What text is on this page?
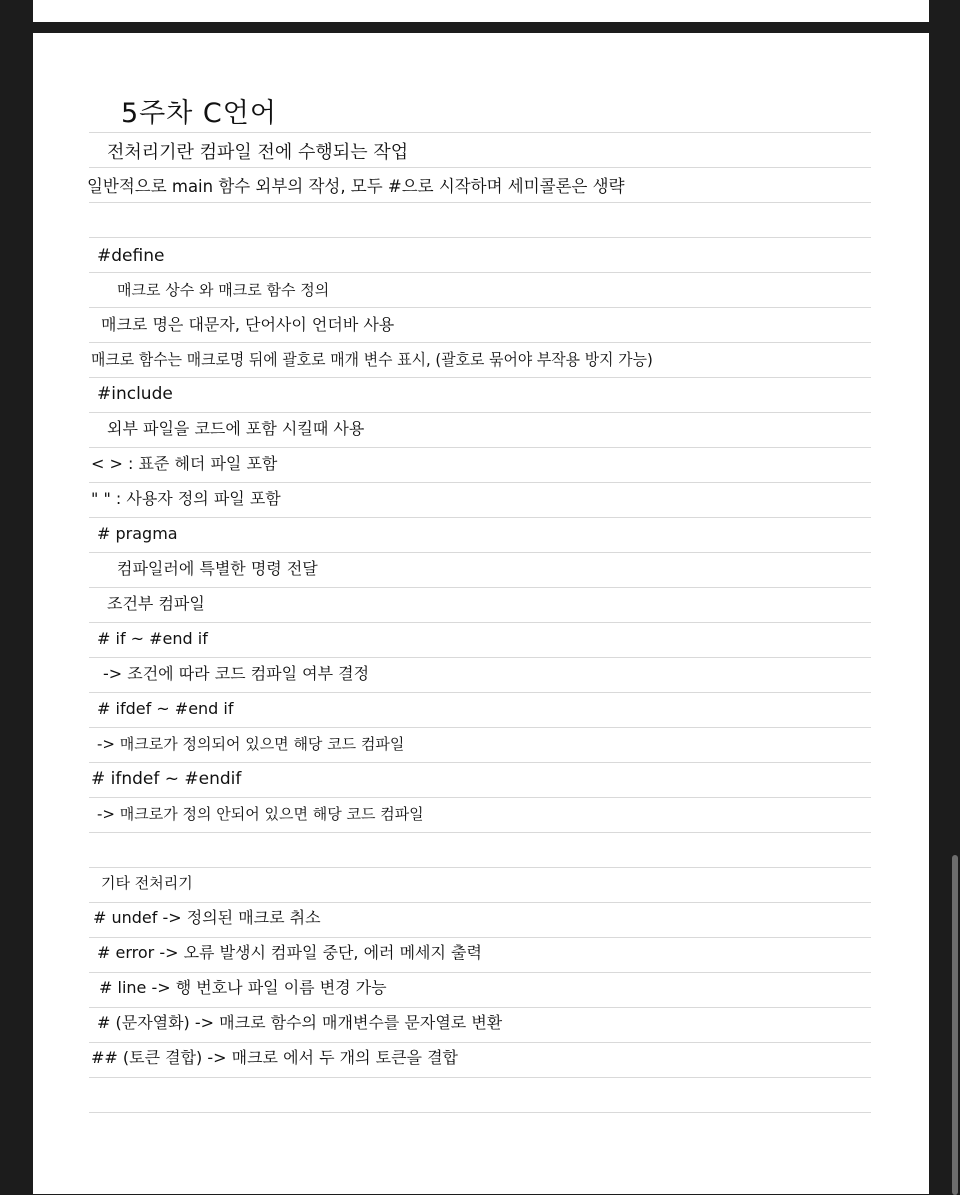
5주차 C언어

전처리기란 컴파일 전에 수행되는 작업

일반적으로 main 함수 외부의 작성, 모두 #으로 시작하며 세미콜론은 생략

#define

매크로 상수 와 매크로 함수 정의

매크로 명은 대문자, 단어사이 언더바 사용

매크로 함수는 매크로명 뒤에 괄호로 매개 변수 표시, (괄호로 묶어야 부작용 방지 가능)

#include

외부 파일을 코드에 포함 시킬때 사용

< > : 표준 헤더 파일 포함

" " : 사용자 정의 파일 포함

# pragma

컴파일러에 특별한 명령 전달

조건부 컴파일

# if ~ #end if

-> 조건에 따라 코드 컴파일 여부 결정

# ifdef ~ #end if

-> 매크로가 정의되어 있으면 해당 코드 컴파일

# ifndef ~ #endif

-> 매크로가 정의 안되어 있으면 해당 코드 컴파일

기타 전처리기

# undef -> 정의된 매크로 취소

# error -> 오류 발생시 컴파일 중단, 에러 메세지 출력

# line -> 행 번호나 파일 이름 변경 가능

# (문자열화) -> 매크로 함수의 매개변수를 문자열로 변환

## (토큰 결합) -> 매크로 에서 두 개의 토큰을 결합
